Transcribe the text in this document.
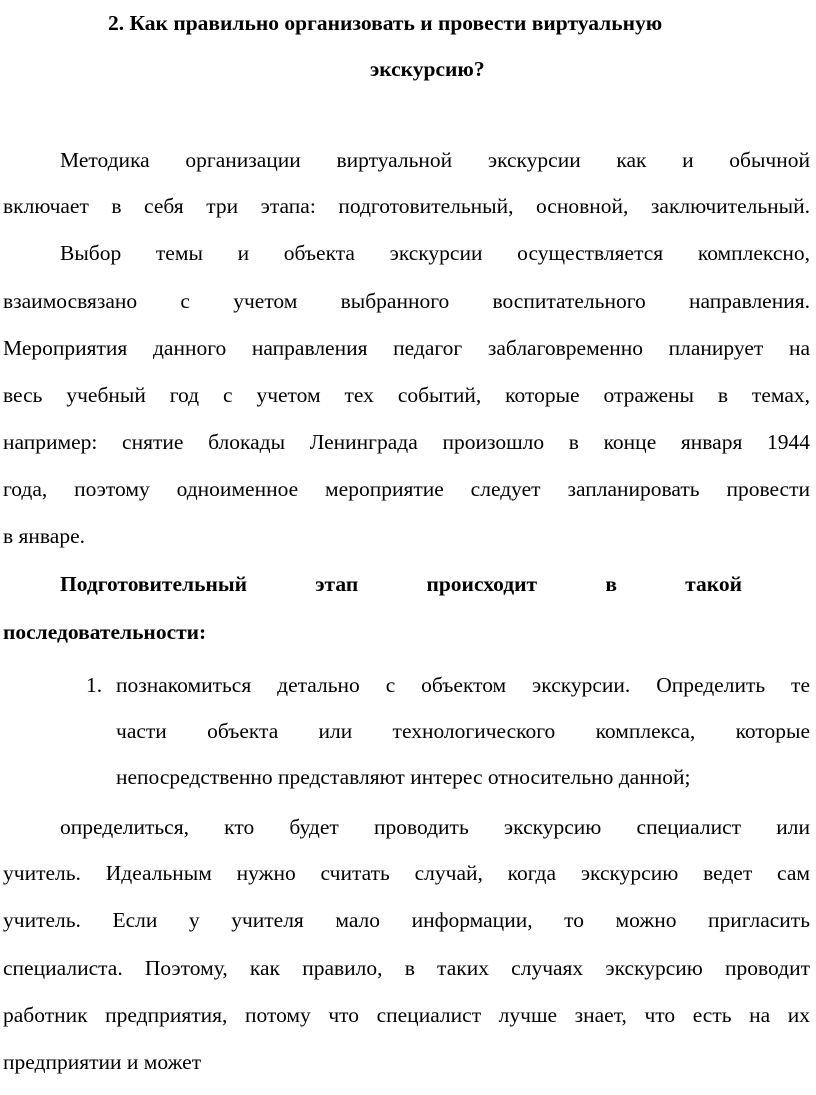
2. Как правильно организовать и провести виртуальную
экскурсию?
Методика организации виртуальной экскурсии как и обычной
включает в себя три этапа: подготовительный, основной, заключительный.
Выбор темы и объекта экскурсии осуществляется комплексно,
взаимосвязано с учетом выбранного воспитательного направления.
Мероприятия данного направления педагог заблаговременно планирует на
весь учебный год с учетом тех событий, которые отражены в темах,
например: снятие блокады Ленинграда произошло в конце января 1944
года, поэтому одноименное мероприятие следует запланировать провести
в январе.
Подготовительный этап происходит в такой
последовательности:
1. познакомиться детально с объектом экскурсии. Определить те
части объекта или технологического комплекса, которые
непосредственно представляют интерес относительно данной;
определиться, кто будет проводить экскурсию специалист или
учитель. Идеальным нужно считать случай, когда экскурсию ведет сам
учитель. Если у учителя мало информации, то можно пригласить
специалиста. Поэтому, как правило, в таких случаях экскурсию проводит
работник предприятия, потому что специалист лучше знает, что есть на их
предприятии и может
